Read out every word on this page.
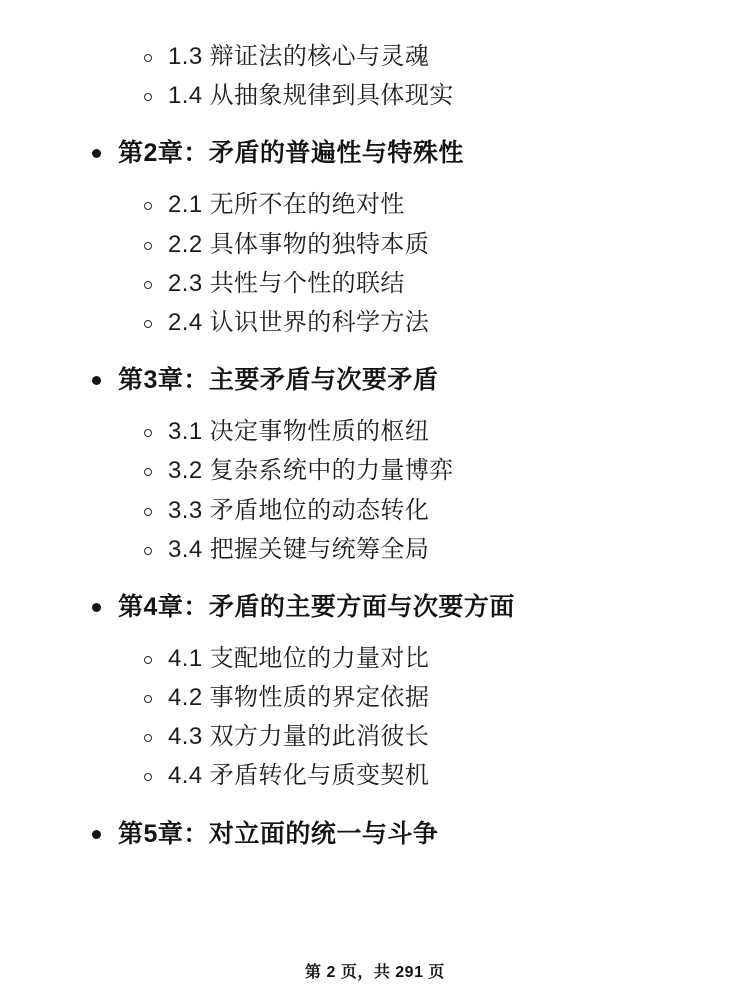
1.3 辩证法的核心与灵魂
1.4 从抽象规律到具体现实
第2章：矛盾的普遍性与特殊性
2.1 无所不在的绝对性
2.2 具体事物的独特本质
2.3 共性与个性的联结
2.4 认识世界的科学方法
第3章：主要矛盾与次要矛盾
3.1 决定事物性质的枢纽
3.2 复杂系统中的力量博弈
3.3 矛盾地位的动态转化
3.4 把握关键与统筹全局
第4章：矛盾的主要方面与次要方面
4.1 支配地位的力量对比
4.2 事物性质的界定依据
4.3 双方力量的此消彼长
4.4 矛盾转化与质变契机
第5章：对立面的统一与斗争
第 2 页，共 291 页
